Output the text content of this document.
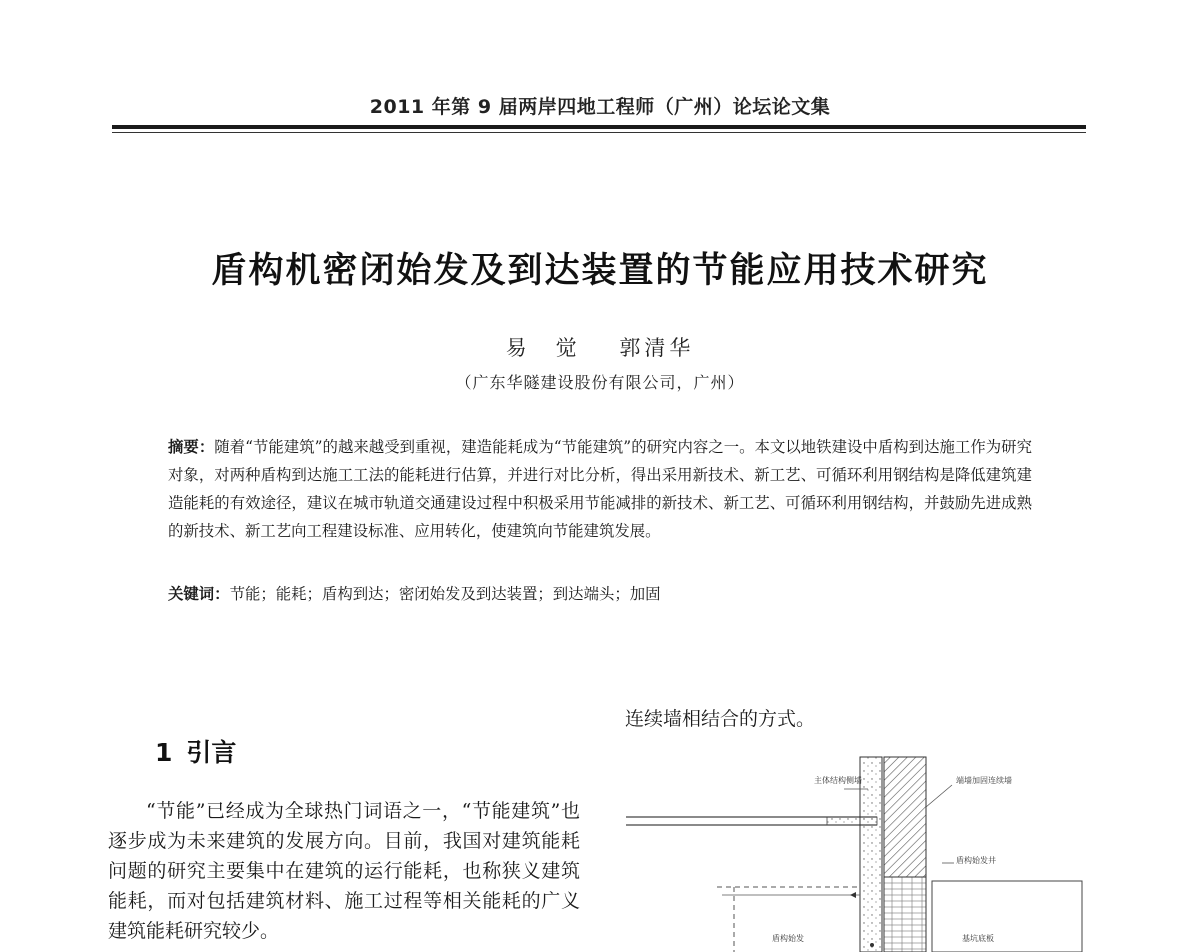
2011 年第 9 届两岸四地工程师（广州）论坛论文集
盾构机密闭始发及到达装置的节能应用技术研究
易　觉 郭清华
（广东华隧建设股份有限公司，广州）
摘要：随着“节能建筑”的越来越受到重视，建造能耗成为“节能建筑”的研究内容之一。本文以地铁建设中盾构到达施工作为研究对象，对两种盾构到达施工工法的能耗进行估算，并进行对比分析，得出采用新技术、新工艺、可循环利用钢结构是降低建筑建造能耗的有效途径，建议在城市轨道交通建设过程中积极采用节能减排的新技术、新工艺、可循环利用钢结构，并鼓励先进成熟的新技术、新工艺向工程建设标准、应用转化，使建筑向节能建筑发展。
关键词：节能；能耗；盾构到达；密闭始发及到达装置；到达端头；加固
1 引言

“节能”已经成为全球热门词语之一，“节能建筑”也逐步成为未来建筑的发展方向。目前，我国对建筑能耗问题的研究主要集中在建筑的运行能耗，也称狭义建筑能耗，而对包括建筑材料、施工过程等相关能耗的广义建筑能耗研究较少。

连续墙相结合的方式。
主体结构侧墙	端墙加固连续墙
盾构始发井
盾构始发	基坑底板
